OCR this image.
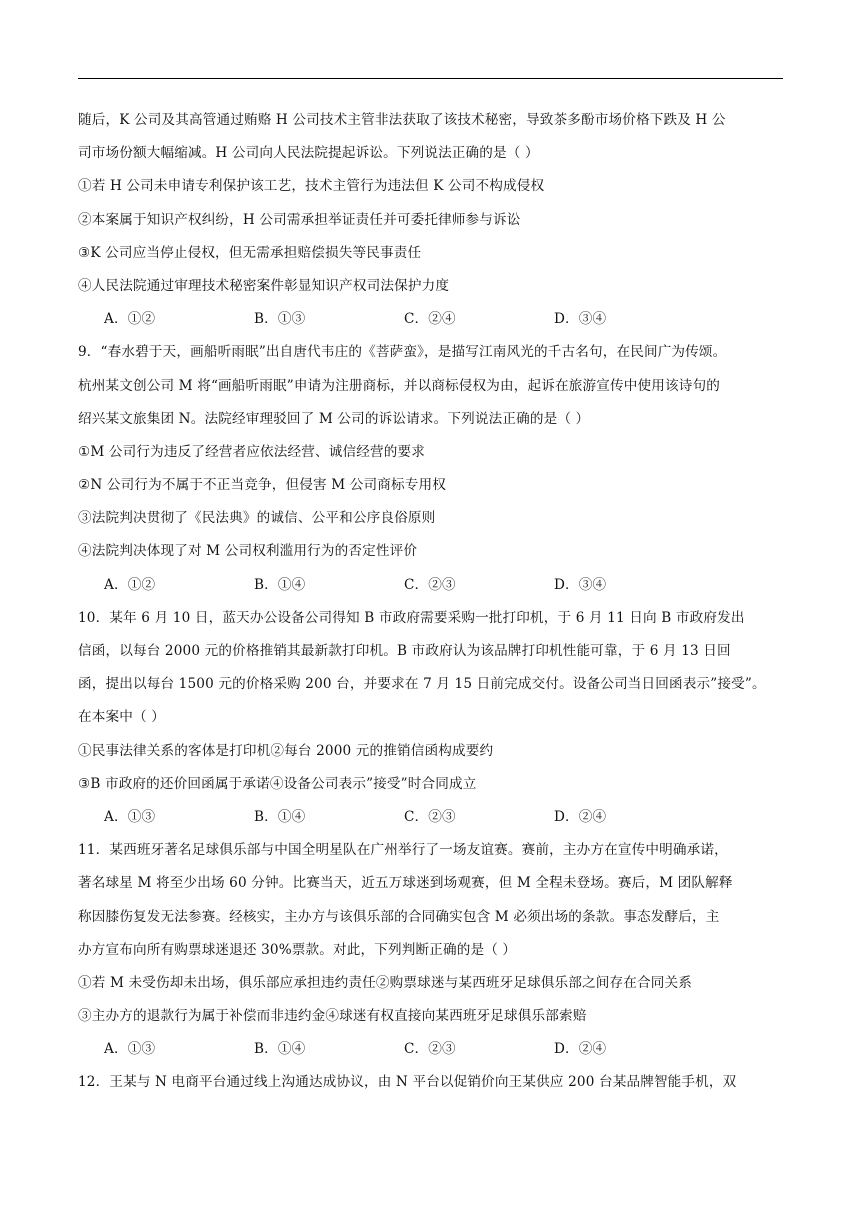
随后，K 公司及其高管通过贿赂 H 公司技术主管非法获取了该技术秘密，导致茶多酚市场价格下跌及 H 公
司市场份额大幅缩减。H 公司向人民法院提起诉讼。下列说法正确的是（ ）
①若 H 公司未申请专利保护该工艺，技术主管行为违法但 K 公司不构成侵权
②本案属于知识产权纠纷，H 公司需承担举证责任并可委托律师参与诉讼
③K 公司应当停止侵权，但无需承担赔偿损失等民事责任
④人民法院通过审理技术秘密案件彰显知识产权司法保护力度
A．①②	B．①③	C．②④	D．③④
9．“春水碧于天，画船听雨眠”出自唐代韦庄的《菩萨蛮》，是描写江南风光的千古名句，在民间广为传颂。
杭州某文创公司 M 将“画船听雨眠”申请为注册商标，并以商标侵权为由，起诉在旅游宣传中使用该诗句的
绍兴某文旅集团 N。法院经审理驳回了 M 公司的诉讼请求。下列说法正确的是（ ）
①M 公司行为违反了经营者应依法经营、诚信经营的要求
②N 公司行为不属于不正当竞争，但侵害 M 公司商标专用权
③法院判决贯彻了《民法典》的诚信、公平和公序良俗原则
④法院判决体现了对 M 公司权利滥用行为的否定性评价
A．①②	B．①④	C．②③	D．③④
10．某年 6 月 10 日，蓝天办公设备公司得知 B 市政府需要采购一批打印机，于 6 月 11 日向 B 市政府发出
信函，以每台 2000 元的价格推销其最新款打印机。B 市政府认为该品牌打印机性能可靠，于 6 月 13 日回
函，提出以每台 1500 元的价格采购 200 台，并要求在 7 月 15 日前完成交付。设备公司当日回函表示”接受”。
在本案中（ ）
①民事法律关系的客体是打印机②每台 2000 元的推销信函构成要约
③B 市政府的还价回函属于承诺④设备公司表示”接受”时合同成立
A．①③	B．①④	C．②③	D．②④
11．某西班牙著名足球俱乐部与中国全明星队在广州举行了一场友谊赛。赛前，主办方在宣传中明确承诺，
著名球星 M 将至少出场 60 分钟。比赛当天，近五万球迷到场观赛，但 M 全程未登场。赛后，M 团队解释
称因膝伤复发无法参赛。经核实，主办方与该俱乐部的合同确实包含 M 必须出场的条款。事态发酵后，主
办方宣布向所有购票球迷退还 30%票款。对此，下列判断正确的是（ ）
①若 M 未受伤却未出场，俱乐部应承担违约责任②购票球迷与某西班牙足球俱乐部之间存在合同关系
③主办方的退款行为属于补偿而非违约金④球迷有权直接向某西班牙足球俱乐部索赔
A．①③	B．①④	C．②③	D．②④
12．王某与 N 电商平台通过线上沟通达成协议，由 N 平台以促销价向王某供应 200 台某品牌智能手机，双
